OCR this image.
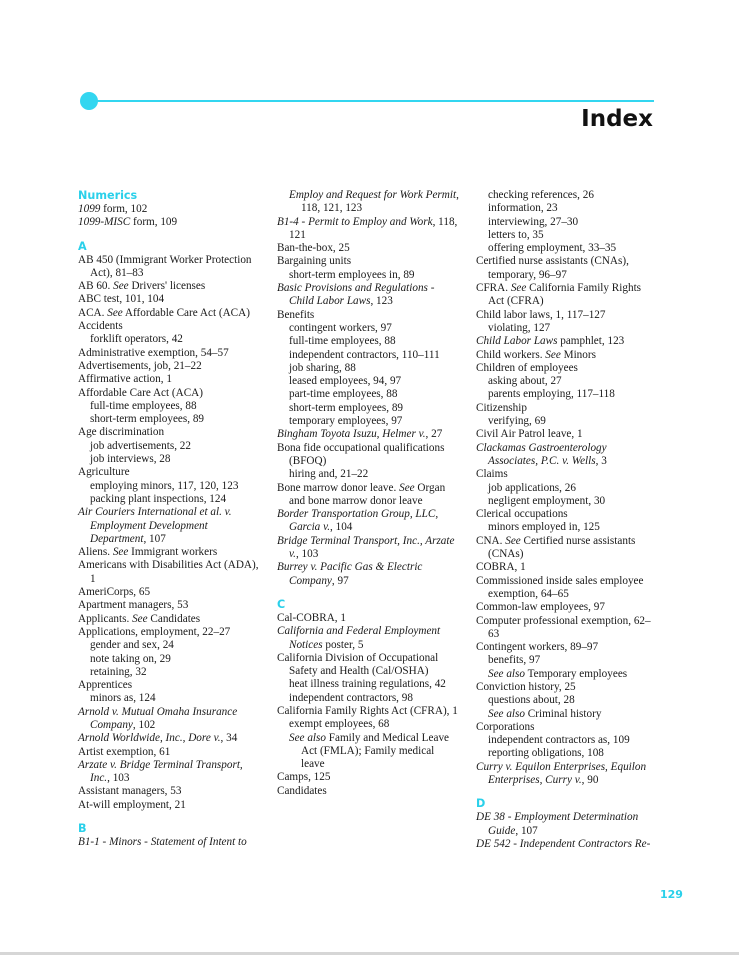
Index
Numerics
1099 form, 102
1099-MISC form, 109
A
AB 450 (Immigrant Worker Protection Act), 81–83
AB 60. See Drivers' licenses
ABC test, 101, 104
ACA. See Affordable Care Act (ACA)
Accidents
forklift operators, 42
Administrative exemption, 54–57
Advertisements, job, 21–22
Affirmative action, 1
Affordable Care Act (ACA)
full-time employees, 88
short-term employees, 89
Age discrimination
job advertisements, 22
job interviews, 28
Agriculture
employing minors, 117, 120, 123
packing plant inspections, 124
Air Couriers International et al. v. Employment Development Department, 107
Aliens. See Immigrant workers
Americans with Disabilities Act (ADA), 1
AmeriCorps, 65
Apartment managers, 53
Applicants. See Candidates
Applications, employment, 22–27
gender and sex, 24
note taking on, 29
retaining, 32
Apprentices
minors as, 124
Arnold v. Mutual Omaha Insurance Company, 102
Arnold Worldwide, Inc., Dore v., 34
Artist exemption, 61
Arzate v. Bridge Terminal Transport, Inc., 103
Assistant managers, 53
At-will employment, 21
B
B1-1 - Minors - Statement of Intent to
Employ and Request for Work Permit, 118, 121, 123
B1-4 - Permit to Employ and Work, 118, 121
Ban-the-box, 25
Bargaining units
short-term employees in, 89
Basic Provisions and Regulations - Child Labor Laws, 123
Benefits
contingent workers, 97
full-time employees, 88
independent contractors, 110–111
job sharing, 88
leased employees, 94, 97
part-time employees, 88
short-term employees, 89
temporary employees, 97
Bingham Toyota Isuzu, Helmer v., 27
Bona fide occupational qualifications (BFOQ)
hiring and, 21–22
Bone marrow donor leave. See Organ and bone marrow donor leave
Border Transportation Group, LLC, Garcia v., 104
Bridge Terminal Transport, Inc., Arzate v., 103
Burrey v. Pacific Gas & Electric Company, 97
C
Cal-COBRA, 1
California and Federal Employment Notices poster, 5
California Division of Occupational Safety and Health (Cal/OSHA)
heat illness training regulations, 42
independent contractors, 98
California Family Rights Act (CFRA), 1
exempt employees, 68
See also Family and Medical Leave Act (FMLA); Family medical leave
Camps, 125
Candidates
checking references, 26
information, 23
interviewing, 27–30
letters to, 35
offering employment, 33–35
Certified nurse assistants (CNAs), temporary, 96–97
CFRA. See California Family Rights Act (CFRA)
Child labor laws, 1, 117–127
violating, 127
Child Labor Laws pamphlet, 123
Child workers. See Minors
Children of employees
asking about, 27
parents employing, 117–118
Citizenship
verifying, 69
Civil Air Patrol leave, 1
Clackamas Gastroenterology Associates, P.C. v. Wells, 3
Claims
job applications, 26
negligent employment, 30
Clerical occupations
minors employed in, 125
CNA. See Certified nurse assistants (CNAs)
COBRA, 1
Commissioned inside sales employee exemption, 64–65
Common-law employees, 97
Computer professional exemption, 62–63
Contingent workers, 89–97
benefits, 97
See also Temporary employees
Conviction history, 25
questions about, 28
See also Criminal history
Corporations
independent contractors as, 109
reporting obligations, 108
Curry v. Equilon Enterprises, Equilon Enterprises, Curry v., 90
D
DE 38 - Employment Determination Guide, 107
DE 542 - Independent Contractors Re-
129
